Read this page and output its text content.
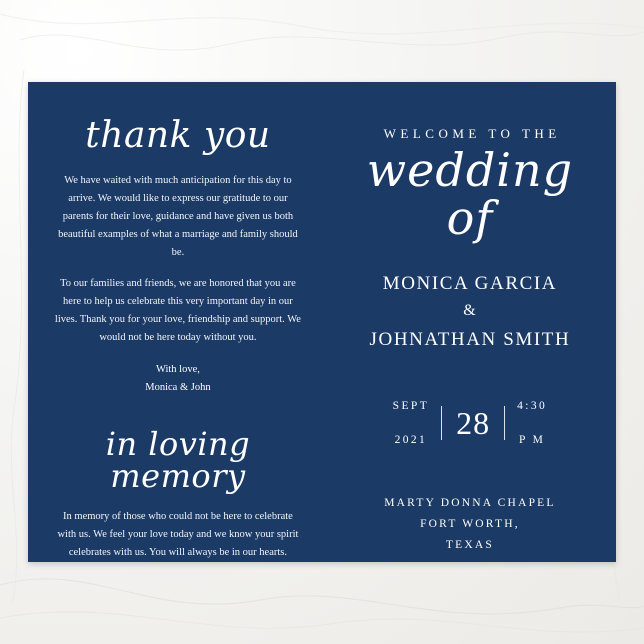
thank you

We have waited with much anticipation for this day to arrive. We would like to express our gratitude to our parents for their love, guidance and have given us both beautiful examples of what a marriage and family should be.

To our families and friends, we are honored that you are here to help us celebrate this very important day in our lives. Thank you for your love, friendship and support. We would not be here today without you.

With love,
Monica & John
in loving memory

In memory of those who could not be here to celebrate with us. We feel your love today and we know your spirit celebrates with us. You will always be in our hearts.

WELCOME TO THE
wedding of
MONICA GARCIA
&
JOHNATHAN SMITH

SEPT

2021 28	4:30

P M

MARTY DONNA CHAPEL
FORT WORTH,
TEXAS
